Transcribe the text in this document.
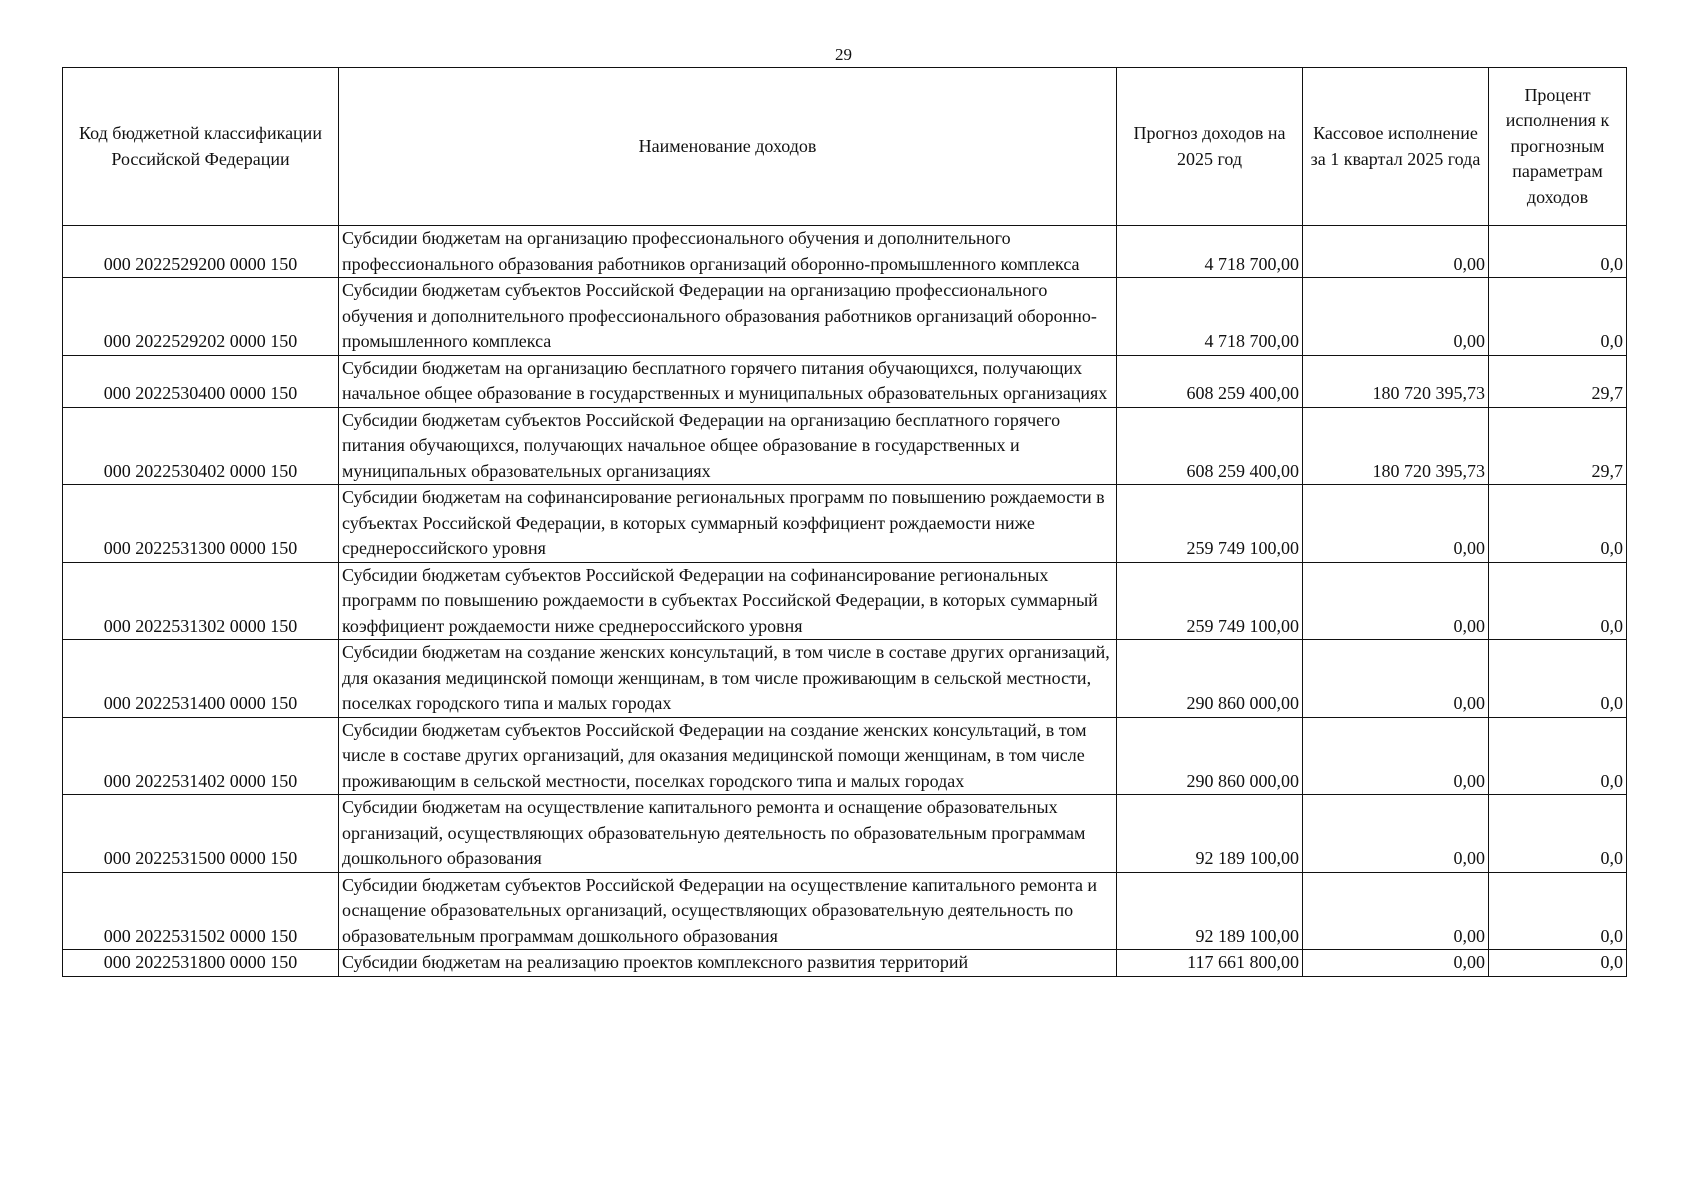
29
Код бюджетной классификации Российской Федерации	Наименование доходов	Прогноз доходов на 2025 год	Кассовое исполнение за 1 квартал 2025 года	Процент исполнения к прогнозным параметрам доходов
000 2022529200 0000 150	Субсидии бюджетам на организацию профессионального обучения и дополнительного профессионального образования работников организаций оборонно-промышленного комплекса	4 718 700,00	0,00	0,0
000 2022529202 0000 150	Субсидии бюджетам субъектов Российской Федерации на организацию профессионального обучения и дополнительного профессионального образования работников организаций оборонно-промышленного комплекса	4 718 700,00	0,00	0,0
000 2022530400 0000 150	Субсидии бюджетам на организацию бесплатного горячего питания обучающихся, получающих начальное общее образование в государственных и муниципальных образовательных организациях	608 259 400,00	180 720 395,73	29,7
000 2022530402 0000 150	Субсидии бюджетам субъектов Российской Федерации на организацию бесплатного горячего питания обучающихся, получающих начальное общее образование в государственных и муниципальных образовательных организациях	608 259 400,00	180 720 395,73	29,7
000 2022531300 0000 150	Субсидии бюджетам на софинансирование региональных программ по повышению рождаемости в субъектах Российской Федерации, в которых суммарный коэффициент рождаемости ниже среднероссийского уровня	259 749 100,00	0,00	0,0
000 2022531302 0000 150	Субсидии бюджетам субъектов Российской Федерации на софинансирование региональных программ по повышению рождаемости в субъектах Российской Федерации, в которых суммарный коэффициент рождаемости ниже среднероссийского уровня	259 749 100,00	0,00	0,0
000 2022531400 0000 150	Субсидии бюджетам на создание женских консультаций, в том числе в составе других организаций, для оказания медицинской помощи женщинам, в том числе проживающим в сельской местности, поселках городского типа и малых городах	290 860 000,00	0,00	0,0
000 2022531402 0000 150	Субсидии бюджетам субъектов Российской Федерации на создание женских консультаций, в том числе в составе других организаций, для оказания медицинской помощи женщинам, в том числе проживающим в сельской местности, поселках городского типа и малых городах	290 860 000,00	0,00	0,0
000 2022531500 0000 150	Субсидии бюджетам на осуществление капитального ремонта и оснащение образовательных организаций, осуществляющих образовательную деятельность по образовательным программам дошкольного образования	92 189 100,00	0,00	0,0
000 2022531502 0000 150	Субсидии бюджетам субъектов Российской Федерации на осуществление капитального ремонта и оснащение образовательных организаций, осуществляющих образовательную деятельность по образовательным программам дошкольного образования	92 189 100,00	0,00	0,0
000 2022531800 0000 150	Субсидии бюджетам на реализацию проектов комплексного развития территорий	117 661 800,00	0,00	0,0
